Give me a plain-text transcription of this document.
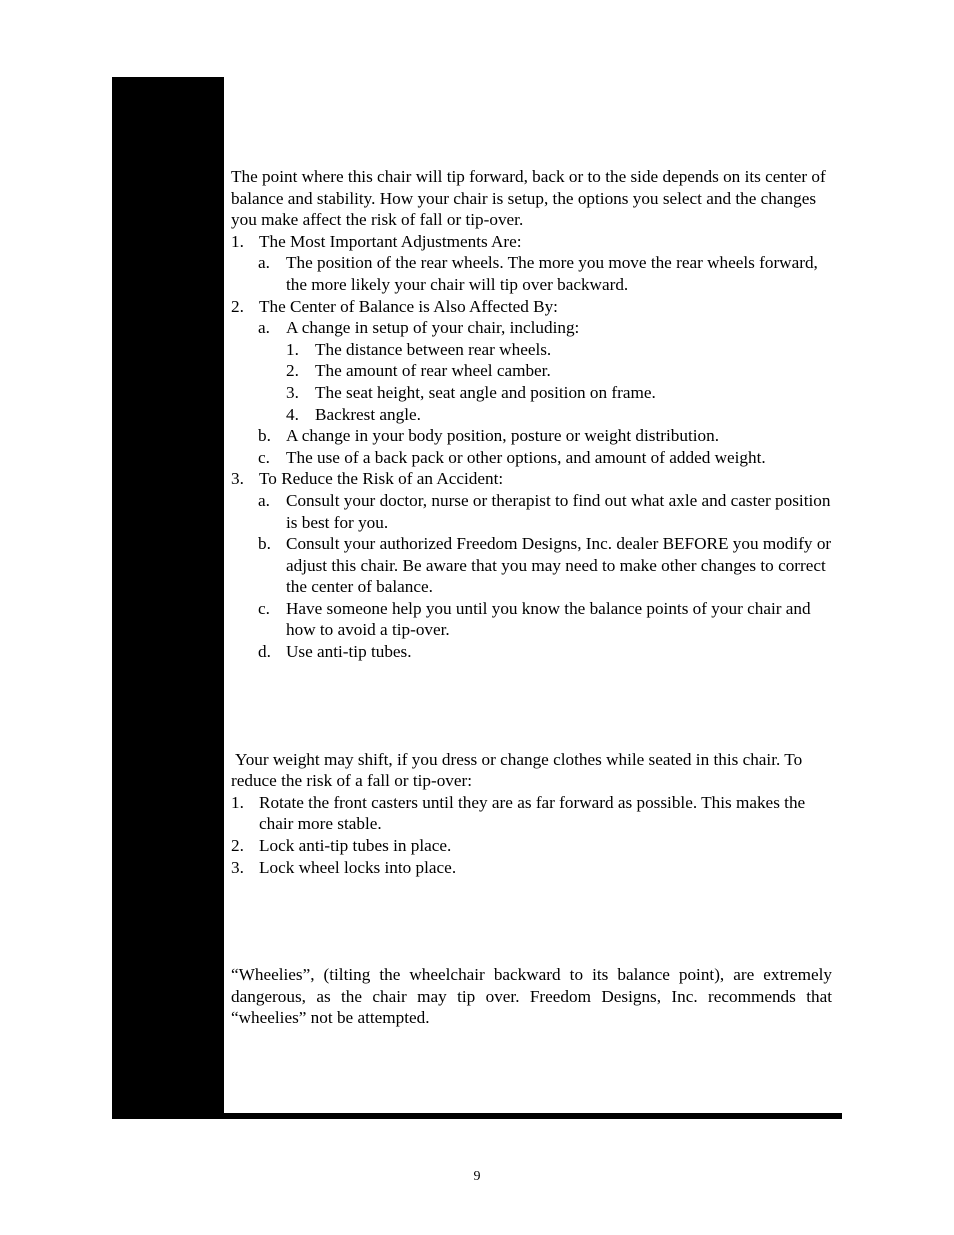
The point where this chair will tip forward, back or to the side depends on its center of balance and stability. How your chair is setup, the options you select and the changes you make affect the risk of fall or tip-over.

1. The Most Important Adjustments Are:
a. The position of the rear wheels. The more you move the rear wheels forward, the more likely your chair will tip over backward.
2. The Center of Balance is Also Affected By:
a. A change in setup of your chair, including:
1. The distance between rear wheels.
2. The amount of rear wheel camber.
3. The seat height, seat angle and position on frame.
4. Backrest angle.
b. A change in your body position, posture or weight distribution.
c. The use of a back pack or other options, and amount of added weight.
3. To Reduce the Risk of an Accident:
a. Consult your doctor, nurse or therapist to find out what axle and caster position is best for you.
b. Consult your authorized Freedom Designs, Inc. dealer BEFORE you modify or adjust this chair. Be aware that you may need to make other changes to correct the center of balance.
c. Have someone help you until you know the balance points of your chair and how to avoid a tip-over.
d. Use anti-tip tubes.

Your weight may shift, if you dress or change clothes while seated in this chair. To reduce the risk of a fall or tip-over:

1. Rotate the front casters until they are as far forward as possible. This makes the chair more stable.
2. Lock anti-tip tubes in place.
3. Lock wheel locks into place.

“Wheelies”, (tilting the wheelchair backward to its balance point), are extremely dangerous, as the chair may tip over. Freedom Designs, Inc. recommends that “wheelies” not be attempted.

9
